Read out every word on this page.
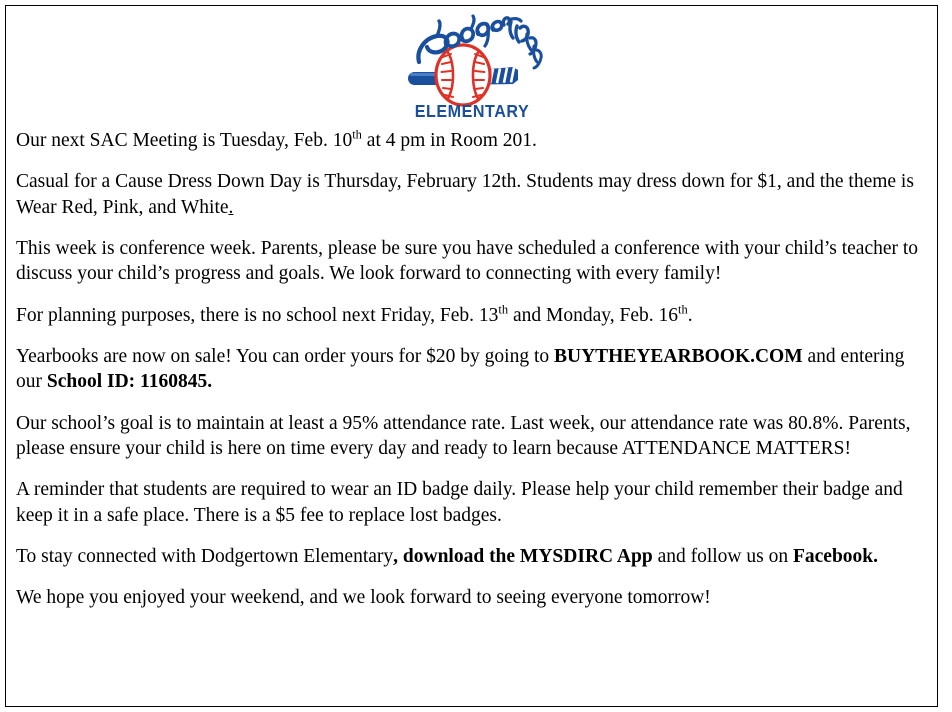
ELEMENTARY

Our next SAC Meeting is Tuesday, Feb. 10th at 4 pm in Room 201.

Casual for a Cause Dress Down Day is Thursday, February 12th. Students may dress down for $1, and the theme is Wear Red, Pink, and White.

This week is conference week. Parents, please be sure you have scheduled a conference with your child’s teacher to discuss your child’s progress and goals. We look forward to connecting with every family!

For planning purposes, there is no school next Friday, Feb. 13th and Monday, Feb. 16th.

Yearbooks are now on sale! You can order yours for $20 by going to BUYTHEYEARBOOK.COM and entering our School ID: 1160845.

Our school’s goal is to maintain at least a 95% attendance rate. Last week, our attendance rate was 80.8%. Parents, please ensure your child is here on time every day and ready to learn because ATTENDANCE MATTERS!

A reminder that students are required to wear an ID badge daily. Please help your child remember their badge and keep it in a safe place. There is a $5 fee to replace lost badges.

To stay connected with Dodgertown Elementary, download the MYSDIRC App and follow us on Facebook.

We hope you enjoyed your weekend, and we look forward to seeing everyone tomorrow!
